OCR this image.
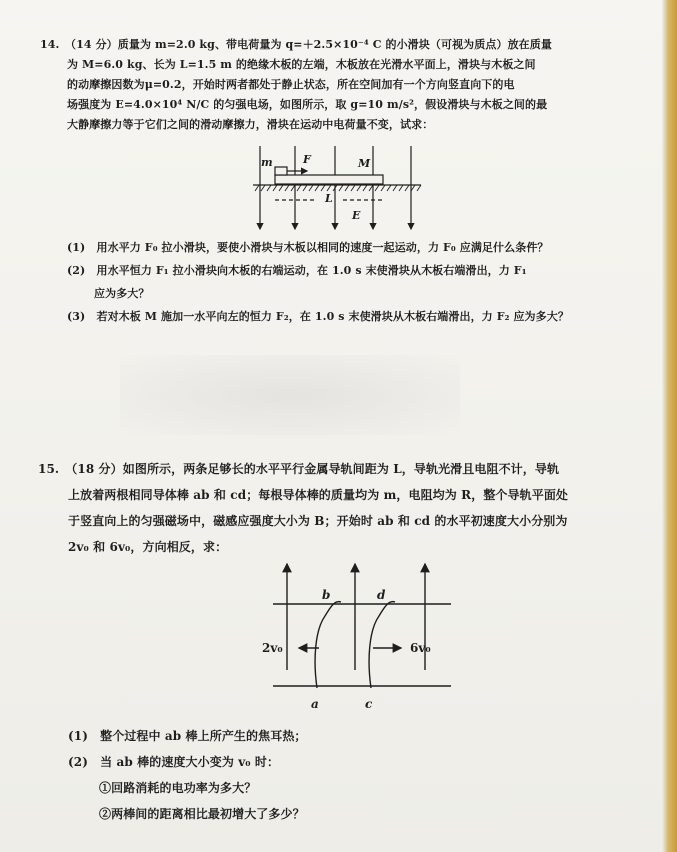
14.　（14 分）质量为 m=2.0 kg、带电荷量为 q=＋2.5×10⁻⁴ C 的小滑块（可视为质点）放在质量
为 M=6.0 kg、长为 L=1.5 m 的绝缘木板的左端，木板放在光滑水平面上，滑块与木板之间
的动摩擦因数为μ=0.2，开始时两者都处于静止状态，所在空间加有一个方向竖直向下的电
场强度为 E=4.0×10⁴ N/C 的匀强电场，如图所示，取 g=10 m/s²，假设滑块与木板之间的最
大静摩擦力等于它们之间的滑动摩擦力，滑块在运动中电荷量不变，试求：
m	F	M
L
E
(1)　用水平力 F₀ 拉小滑块，要使小滑块与木板以相同的速度一起运动，力 F₀ 应满足什么条件？
(2)　用水平恒力 F₁ 拉小滑块向木板的右端运动，在 1.0 s 末使滑块从木板右端滑出，力 F₁
应为多大？
(3)　若对木板 M 施加一水平向左的恒力 F₂，在 1.0 s 末使滑块从木板右端滑出，力 F₂ 应为多大？
15.　（18 分）如图所示，两条足够长的水平平行金属导轨间距为 L，导轨光滑且电阻不计，导轨
上放着两根相同导体棒 ab 和 cd；每根导体棒的质量均为 m，电阻均为 R，整个导轨平面处
于竖直向上的匀强磁场中，磁感应强度大小为 B；开始时 ab 和 cd 的水平初速度大小分别为
2v₀ 和 6v₀，方向相反，求：
b	d
2v₀	6v₀
a	c
(1)　整个过程中 ab 棒上所产生的焦耳热；
(2)　当 ab 棒的速度大小变为 v₀ 时：
①回路消耗的电功率为多大？
②两棒间的距离相比最初增大了多少？
